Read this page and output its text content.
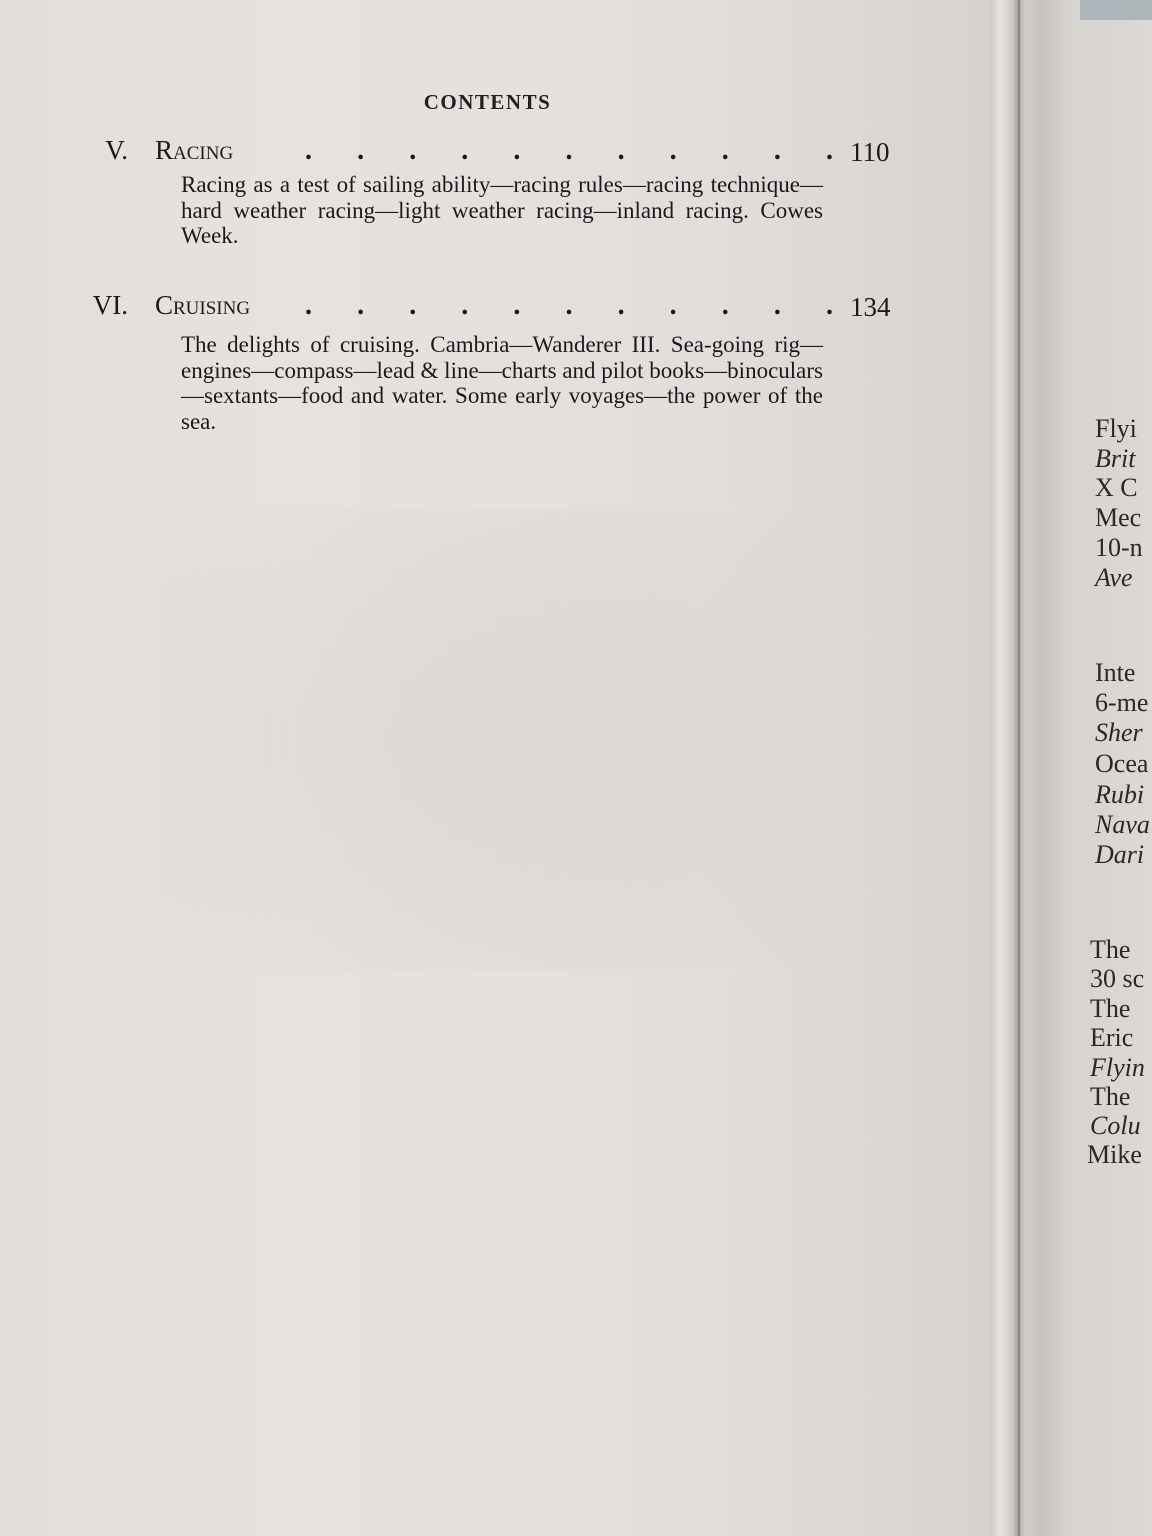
CONTENTS
V. Racing	. . . . . . . . . . . 110

Racing as a test of sailing ability—racing rules—racing technique—hard weather racing—light weather racing—inland racing. Cowes Week.

VI. Cruising . . . . . . . . . . . 134

The delights of cruising. Cambria—Wanderer III. Sea-going rig—engines—compass—lead & line—charts and pilot books—binoculars—sextants—food and water. Some early voyages—the power of the sea.	Flyi
Brit
X C
Mec
10-n
Ave
Inte
6-me
Sher
Ocea
Rubi
Nava
Dari
The
30 sc
The
Eric
Flyin
The
Colu
Mike
